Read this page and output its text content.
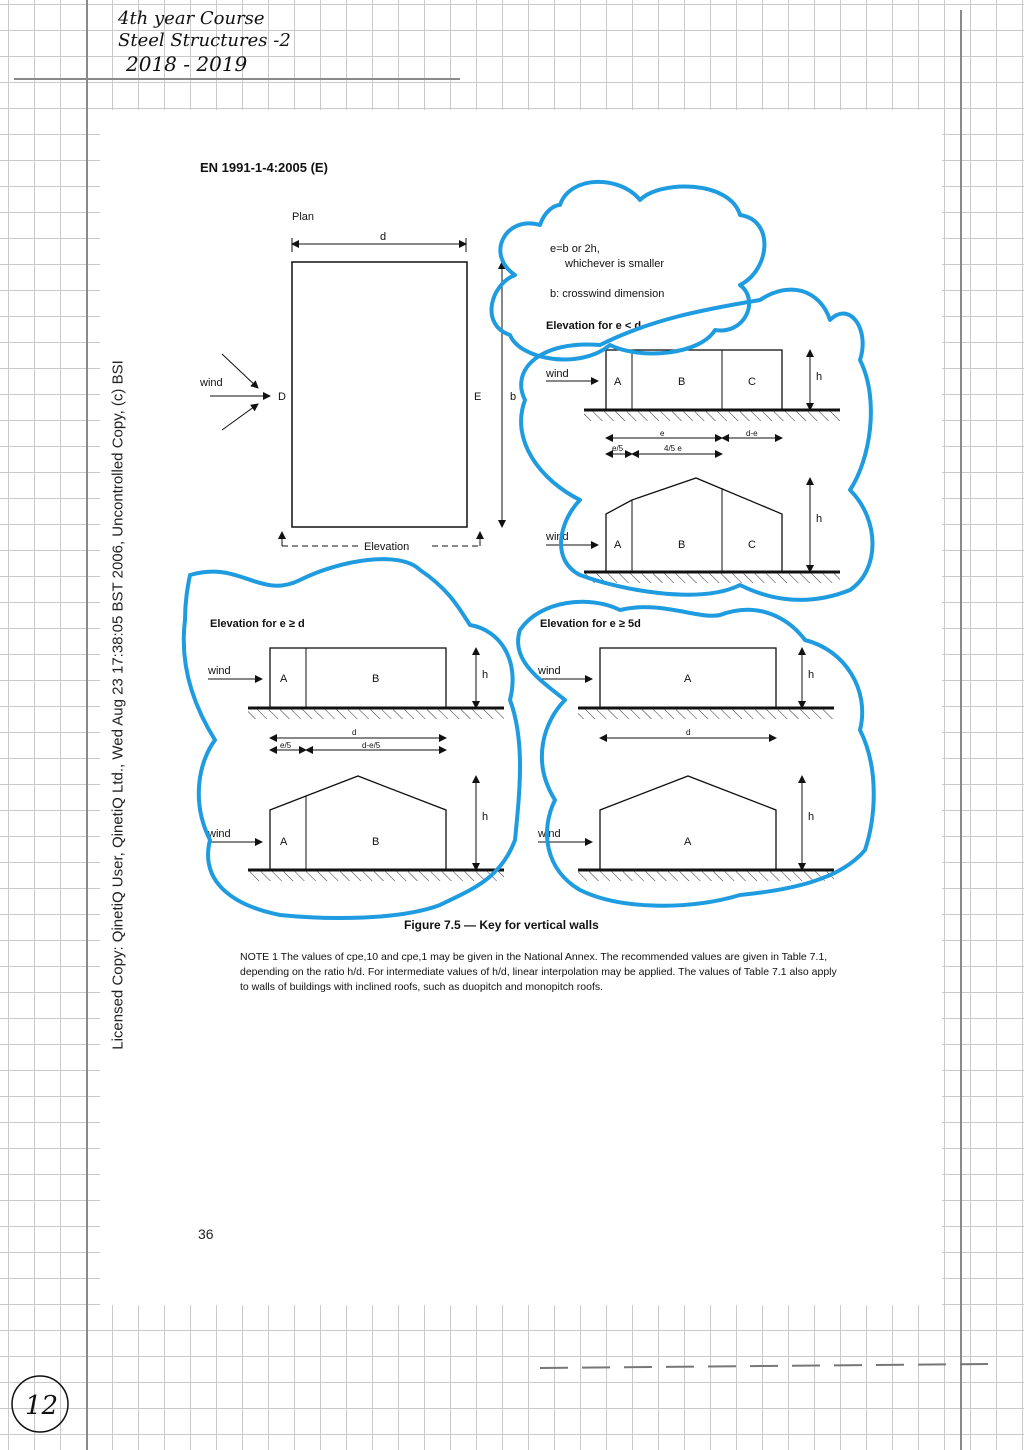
4th year Course
Steel Structures -2
2018 - 2019
Licensed Copy: QinetiQ User, QinetiQ Ltd., Wed Aug 23 17:38:05 BST 2006, Uncontrolled Copy, (c) BSI
EN 1991-1-4:2005 (E)
Plan
d
wind
D	E	b
Elevation
e=b or 2h,
whichever is smaller
b: crosswind dimension
Elevation for e < d
wind
A	B	C	h
e	d-e
e/5	4/5 e
wind
A	B	C
h
Elevation for e ≥ d
wind
A	B	h
d
e/5	d-e/5
wind
A	B
h
Elevation for e ≥ 5d
wind
A	h
d
wind
A
h
12
Figure 7.5 — Key for vertical walls
NOTE 1 The values of cpe,10 and cpe,1 may be given in the National Annex. The recommended values are given in Table 7.1, depending on the ratio h/d. For intermediate values of h/d, linear interpolation may be applied. The values of Table 7.1 also apply to walls of buildings with inclined roofs, such as duopitch and monopitch roofs.
36
